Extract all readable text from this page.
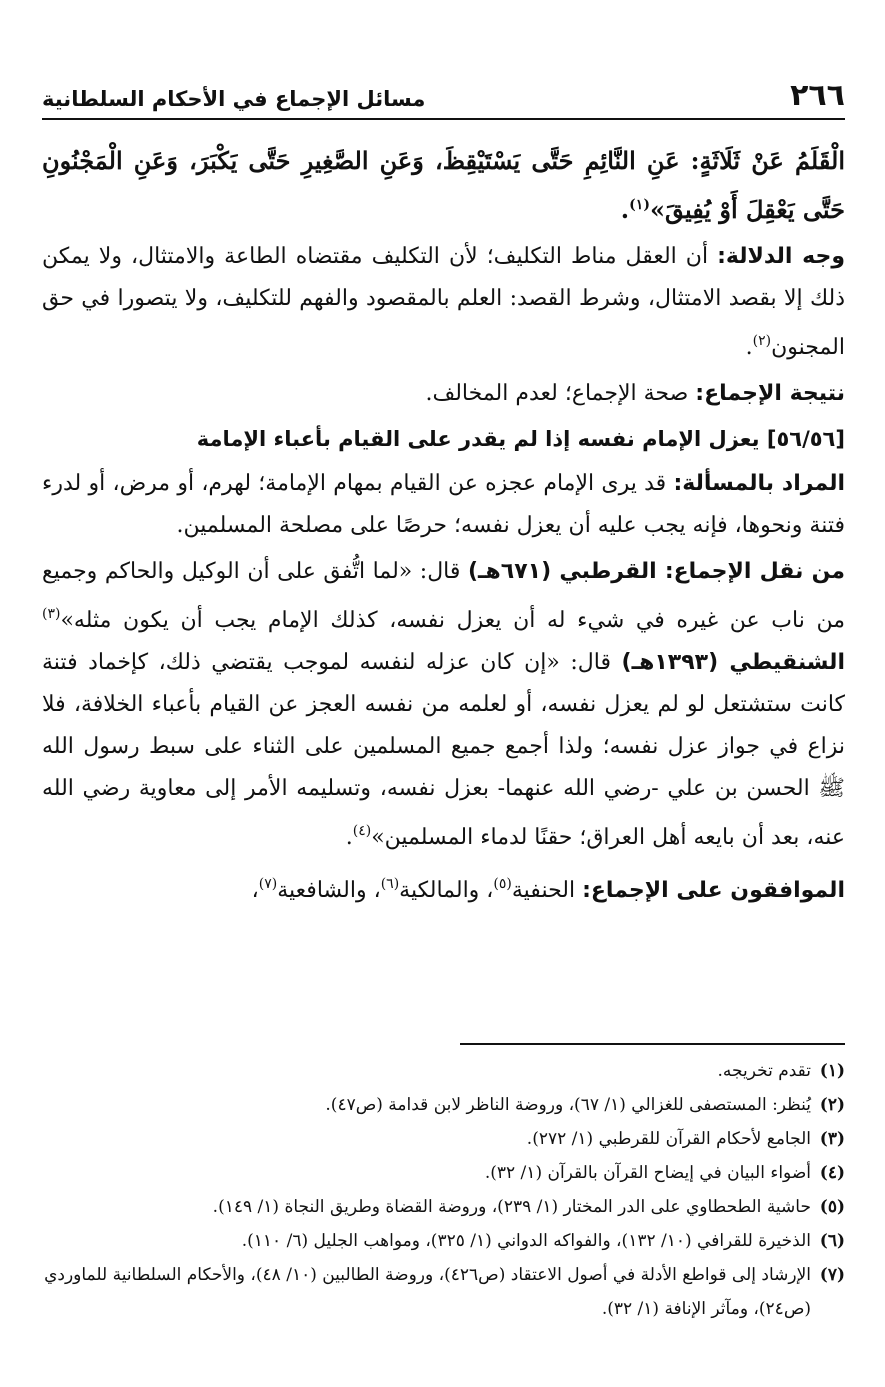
٢٦٦
مسائل الإجماع في الأحكام السلطانية

الْقَلَمُ عَنْ ثَلَاثَةٍ: عَنِ النَّائِمِ حَتَّى يَسْتَيْقِظَ، وَعَنِ الصَّغِيرِ حَتَّى يَكْبَرَ، وَعَنِ الْمَجْنُونِ حَتَّى يَعْقِلَ أَوْ يُفِيقَ»$^{(١)}$.

وجه الدلالة: أن العقل مناط التكليف؛ لأن التكليف مقتضاه الطاعة والامتثال، ولا يمكن ذلك إلا بقصد الامتثال، وشرط القصد: العلم بالمقصود والفهم للتكليف، ولا يتصورا في حق المجنون$^{(٢)}$.

نتيجة الإجماع: صحة الإجماع؛ لعدم المخالف.

[٥٦/٥٦] يعزل الإمام نفسه إذا لم يقدر على القيام بأعباء الإمامة

المراد بالمسألة: قد يرى الإمام عجزه عن القيام بمهام الإمامة؛ لهرم، أو مرض، أو لدرء فتنة ونحوها، فإنه يجب عليه أن يعزل نفسه؛ حرصًا على مصلحة المسلمين.

من نقل الإجماع: القرطبي (٦٧١هـ) قال: «لما اتُّفق على أن الوكيل والحاكم وجميع من ناب عن غيره في شيء له أن يعزل نفسه، كذلك الإمام يجب أن يكون مثله»$^{(٣)}$ الشنقيطي (١٣٩٣هـ) قال: «إن كان عزله لنفسه لموجب يقتضي ذلك، كإخماد فتنة كانت ستشتعل لو لم يعزل نفسه، أو لعلمه من نفسه العجز عن القيام بأعباء الخلافة، فلا نزاع في جواز عزل نفسه؛ ولذا أجمع جميع المسلمين على الثناء على سبط رسول الله ﷺ الحسن بن علي -رضي الله عنهما- بعزل نفسه، وتسليمه الأمر إلى معاوية رضي الله عنه، بعد أن بايعه أهل العراق؛ حقنًا لدماء المسلمين»$^{(٤)}$.

الموافقون على الإجماع: الحنفية$^{(٥)}$، والمالكية$^{(٦)}$، والشافعية$^{(٧)}$،

(١)
تقدم تخريجه.

(٢)
يُنظر: المستصفى للغزالي (١/ ٦٧)، وروضة الناظر لابن قدامة (ص٤٧).

(٣)
الجامع لأحكام القرآن للقرطبي (١/ ٢٧٢).

(٤)
أضواء البيان في إيضاح القرآن بالقرآن (١/ ٣٢).

(٥)
حاشية الطحطاوي على الدر المختار (١/ ٢٣٩)، وروضة القضاة وطريق النجاة (١/ ١٤٩).

(٦)
الذخيرة للقرافي (١٠/ ١٣٢)، والفواكه الدواني (١/ ٣٢٥)، ومواهب الجليل (٦/ ١١٠).

(٧)
الإرشاد إلى قواطع الأدلة في أصول الاعتقاد (ص٤٢٦)، وروضة الطالبين (١٠/ ٤٨)، والأحكام السلطانية للماوردي (ص٢٤)، ومآثر الإنافة (١/ ٣٢).
